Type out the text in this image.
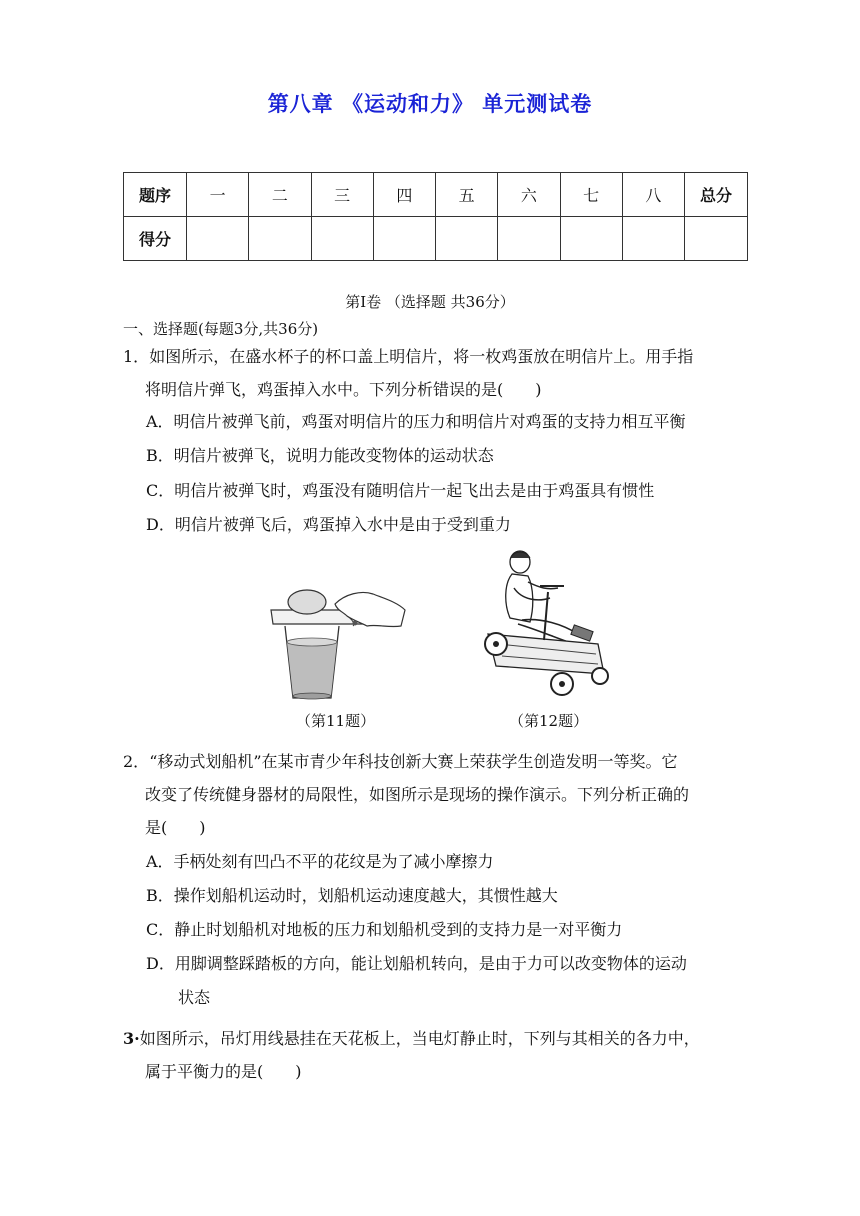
第八章 《运动和力》 单元测试卷
题序	一	二	三	四	五	六	七	八	总分
得分									
第Ⅰ卷 （选择题 共36分）
一、选择题(每题3分,共36分)
1．如图所示，在盛水杯子的杯口盖上明信片，将一枚鸡蛋放在明信片上。用手指
将明信片弹飞，鸡蛋掉入水中。下列分析错误的是(　　)
A．明信片被弹飞前，鸡蛋对明信片的压力和明信片对鸡蛋的支持力相互平衡
B．明信片被弹飞，说明力能改变物体的运动状态
C．明信片被弹飞时，鸡蛋没有随明信片一起飞出去是由于鸡蛋具有惯性
D．明信片被弹飞后，鸡蛋掉入水中是由于受到重力
（第11题）	（第12题）
2．“移动式划船机”在某市青少年科技创新大赛上荣获学生创造发明一等奖。它
改变了传统健身器材的局限性，如图所示是现场的操作演示。下列分析正确的
是(　　)
A．手柄处刻有凹凸不平的花纹是为了减小摩擦力
B．操作划船机运动时，划船机运动速度越大，其惯性越大
C．静止时划船机对地板的压力和划船机受到的支持力是一对平衡力
D．用脚调整踩踏板的方向，能让划船机转向，是由于力可以改变物体的运动
状态
3·如图所示，吊灯用线悬挂在天花板上，当电灯静止时，下列与其相关的各力中，
属于平衡力的是(　　)
